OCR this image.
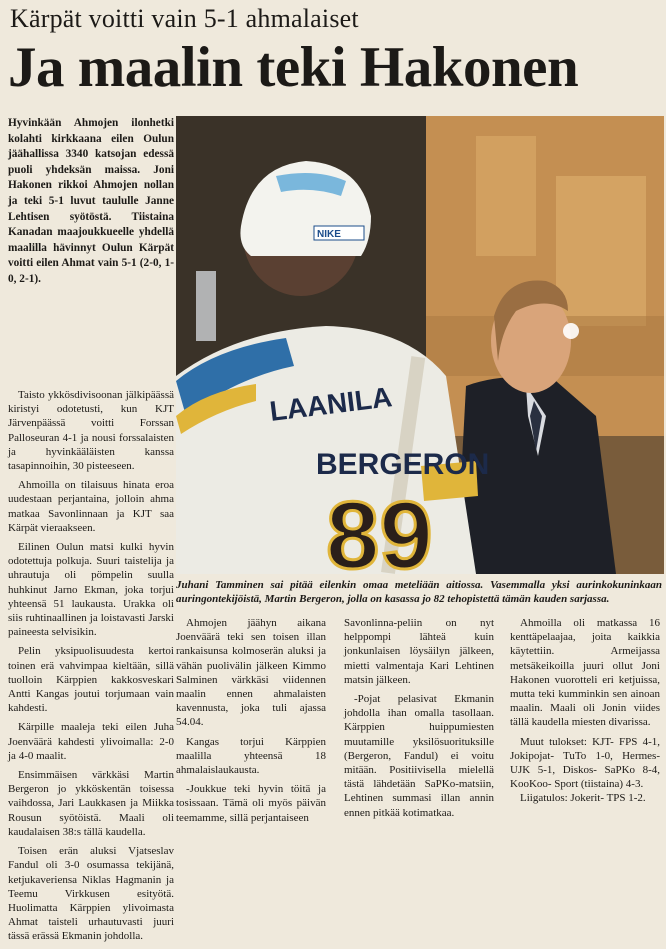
Kärpät voitti vain 5-1 ahmalaiset
Ja maalin teki Hakonen

Hyvinkään Ahmojen ilonhetki kolahti kirkkaana eilen Oulun jäähallissa 3340 katsojan edessä puoli yhdeksän maissa. Joni Hakonen rikkoi Ahmojen nollan ja teki 5-1 luvut taululle Janne Lehtisen syötöstä. Tiistaina Kanadan maajoukkueelle yhdellä maalilla hävinnyt Oulun Kärpät voitti eilen Ahmat vain 5-1 (2-0, 1-0, 2-1).

NIKE
LAANILA
BERGERON
89

Juhani Tamminen sai pitää eilenkin omaa meteliään aitiossa. Vasemmalla yksi aurinkokuninkaan auringontekijöistä, Martin Bergeron, jolla on kasassa jo 82 tehopistettä tämän kauden sarjassa.

Taisto ykkösdivisoonan jälkipäässä kiristyi odotetusti, kun KJT Järvenpäässä voitti Forssan Palloseuran 4-1 ja nousi forssalaisten ja hyvinkääläisten kanssa tasapinnoihin, 30 pisteeseen.

Ahmoilla on tilaisuus hinata eroa uudestaan perjantaina, jolloin ahma matkaa Savonlinnaan ja KJT saa Kärpät vieraakseen.

Eilinen Oulun matsi kulki hyvin odotettuja polkuja. Suuri taistelija ja uhrautuja oli pömpelin suulla huhkinut Jarno Ekman, joka torjui yhteensä 51 laukausta. Urakka oli siis ruhtinaallinen ja loistavasti Jarski paineesta selvisikin.

Pelin yksipuolisuudesta kertoi toinen erä vahvimpaa kieltään, sillä tuolloin Kärppien kakkosveskari Antti Kangas joutui torjumaan vain kahdesti.

Kärpille maaleja teki eilen Juha Joenväärä kahdesti ylivoimalla: 2-0 ja 4-0 maalit.

Ensimmäisen värkkäsi Martin Bergeron jo ykköskentän toisessa vaihdossa, Jari Laukkasen ja Miikka Rousun syötöistä. Maali oli kaudalaisen 38:s tällä kaudella.

Toisen erän aluksi Vjatseslav Fandul oli 3-0 osumassa tekijänä, ketjukaveriensa Niklas Hagmanin ja Teemu Virkkusen esityötä. Huolimatta Kärppien ylivoimasta Ahmat taisteli urhautuvasti juuri tässä erässä Ekmanin johdolla.

Ahmojen jäähyn aikana Joenväärä teki sen toisen illan rankaisunsa kolmoserän aluksi ja vähän puolivälin jälkeen Kimmo Salminen värkkäsi viidennen maalin ennen ahmalaisten kavennusta, joka tuli ajassa 54.04.

Kangas torjui Kärppien maalilla yhteensä 18 ahmalaislaukausta.

-Joukkue teki hyvin töitä ja tosissaan. Tämä oli myös päivän teemamme, sillä perjantaiseen

Savonlinna-peliin on nyt helppompi lähteä kuin jonkunlaisen löysäilyn jälkeen, mietti valmentaja Kari Lehtinen matsin jälkeen.

-Pojat pelasivat Ekmanin johdolla ihan omalla tasollaan. Kärppien huippumiesten muutamille yksilösuorituksille (Bergeron, Fandul) ei voitu mitään. Positiivisella mielellä tästä lähdetään SaPKo-matsiin, Lehtinen summasi illan annin ennen pitkää kotimatkaa.

Ahmoilla oli matkassa 16 kenttäpelaajaa, joita kaikkia käytettiin. Armeijassa metsäkeikoilla juuri ollut Joni Hakonen vuorotteli eri ketjuissa, mutta teki kumminkin sen ainoan maalin. Maali oli Jonin viides tällä kaudella miesten divarissa.

Muut tulokset: KJT- FPS 4-1, Jokipojat- TuTo 1-0, Hermes- UJK 5-1, Diskos- SaPKo 8-4, KooKoo- Sport (tiistaina) 4-3.

Liigatulos: Jokerit- TPS 1-2.
